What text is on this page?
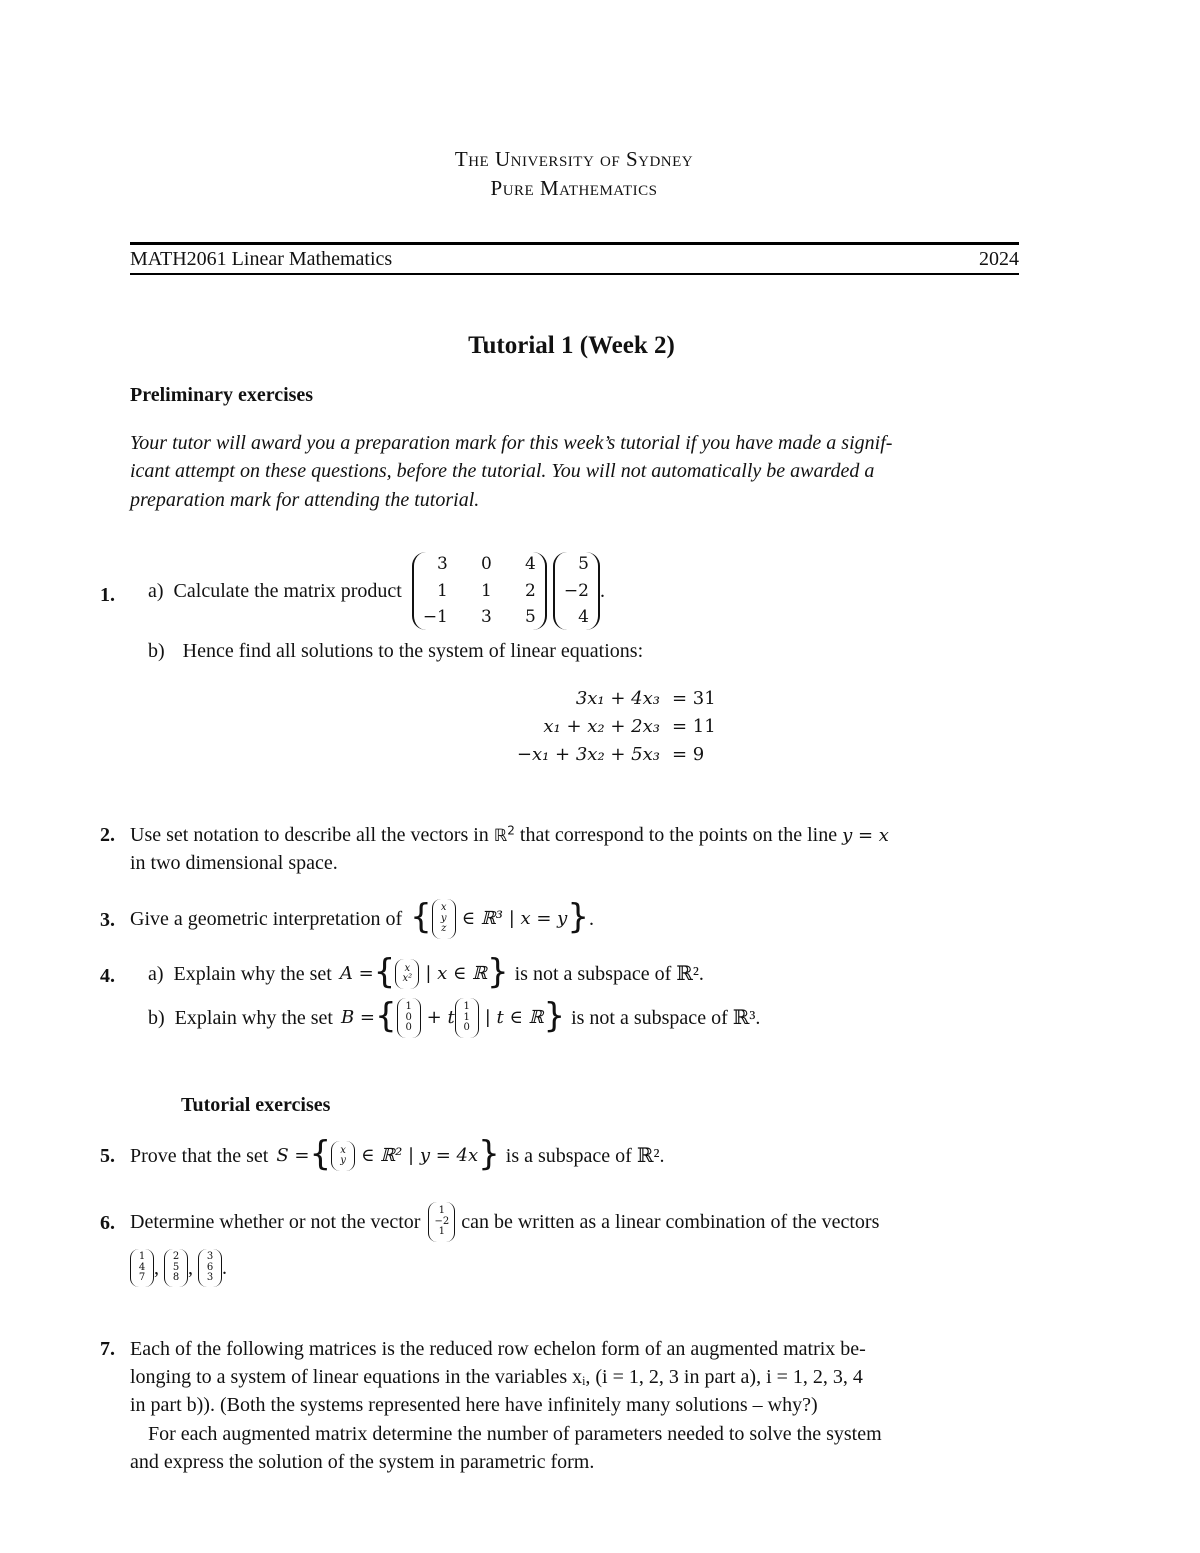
The University of Sydney
Pure Mathematics
MATH2061 Linear Mathematics	2024
Tutorial 1 (Week 2)
Preliminary exercises
Your tutor will award you a preparation mark for this week’s tutorial if you have made a signif-
icant attempt on these questions, before the tutorial. You will not automatically be awarded a
preparation mark for attending the tutorial.
1. a) Calculate the matrix product
3	0	4
1	1	2
−1	3	5
5
−2
4
.
b) Hence find all solutions to the system of linear equations:
3x₁ + 4x₃ = 31
x₁ + x₂ + 2x₃ = 11
−x₁ + 3x₂ + 5x₃ = 9
2. Use set notation to describe all the vectors in ℝ$^2$ that correspond to the points on the line y = x
in two dimensional space.
3. Give a geometric interpretation of { x
y
z ∈ ℝ³ | x = y } .
4. a) Explain why the set A = { x
x² | x ∈ ℝ } is not a subspace of ℝ².
b) Explain why the set B = { 1
0
0 + t
1
1
0 | t ∈ ℝ } is not a subspace of ℝ³.
Tutorial exercises
5. Prove that the set S = { x
y ∈ ℝ² | y = 4x } is a subspace of ℝ².
6. Determine whether or not the vector
1
−2
1 can be written as a linear combination of the vectors
1
4
7 ,
2
5
8 ,
3
6
3 .
7. Each of the following matrices is the reduced row echelon form of an augmented matrix be-
longing to a system of linear equations in the variables xᵢ, (i = 1, 2, 3 in part a), i = 1, 2, 3, 4
in part b)). (Both the systems represented here have infinitely many solutions – why?)
For each augmented matrix determine the number of parameters needed to solve the system
and express the solution of the system in parametric form.
